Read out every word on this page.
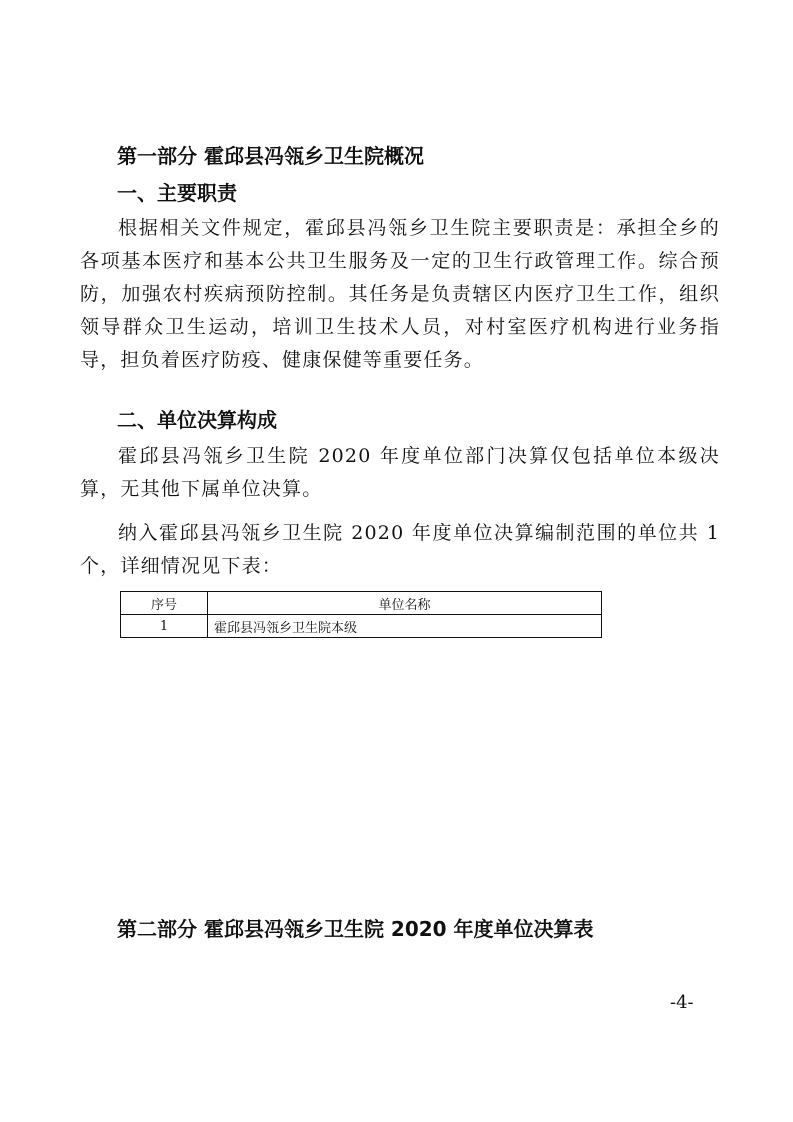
第一部分 霍邱县冯瓴乡卫生院概况
一、主要职责
根据相关文件规定，霍邱县冯瓴乡卫生院主要职责是：承担全乡的各项基本医疗和基本公共卫生服务及一定的卫生行政管理工作。综合预防，加强农村疾病预防控制。其任务是负责辖区内医疗卫生工作，组织领导群众卫生运动，培训卫生技术人员，对村室医疗机构进行业务指导，担负着医疗防疫、健康保健等重要任务。
二、单位决算构成
霍邱县冯瓴乡卫生院 2020 年度单位部门决算仅包括单位本级决算，无其他下属单位决算。
纳入霍邱县冯瓴乡卫生院 2020 年度单位决算编制范围的单位共 1 个，详细情况见下表：
序号	单位名称
1	霍邱县冯瓴乡卫生院本级
第二部分 霍邱县冯瓴乡卫生院 2020 年度单位决算表
-4-
